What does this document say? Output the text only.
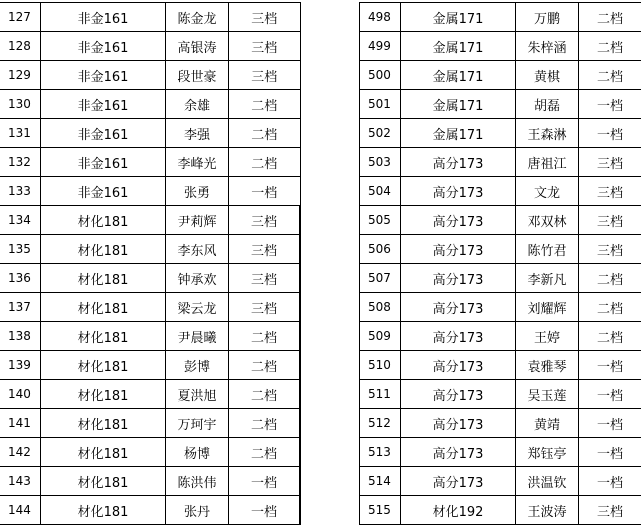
127	非金161	陈金龙	三档
128	非金161	高银涛	三档
129	非金161	段世豪	三档
130	非金161	余雄	二档
131	非金161	李强	二档
132	非金161	李峰光	二档
133	非金161	张勇	一档
134	材化181	尹莉辉	三档
135	材化181	李东风	三档
136	材化181	钟承欢	三档
137	材化181	梁云龙	三档
138	材化181	尹晨曦	二档
139	材化181	彭博	二档
140	材化181	夏洪旭	二档
141	材化181	万珂宇	二档
142	材化181	杨博	二档
143	材化181	陈洪伟	一档
144	材化181	张丹	一档
498	金属171	万鹏	二档
499	金属171	朱梓涵	二档
500	金属171	黄棋	二档
501	金属171	胡磊	一档
502	金属171	王森淋	一档
503	高分173	唐祖江	三档
504	高分173	文龙	三档
505	高分173	邓双林	三档
506	高分173	陈竹君	三档
507	高分173	李新凡	二档
508	高分173	刘耀辉	二档
509	高分173	王婷	二档
510	高分173	袁雅琴	一档
511	高分173	吴玉莲	一档
512	高分173	黄靖	一档
513	高分173	郑钰亭	一档
514	高分173	洪温钦	一档
515	材化192	王波涛	三档
